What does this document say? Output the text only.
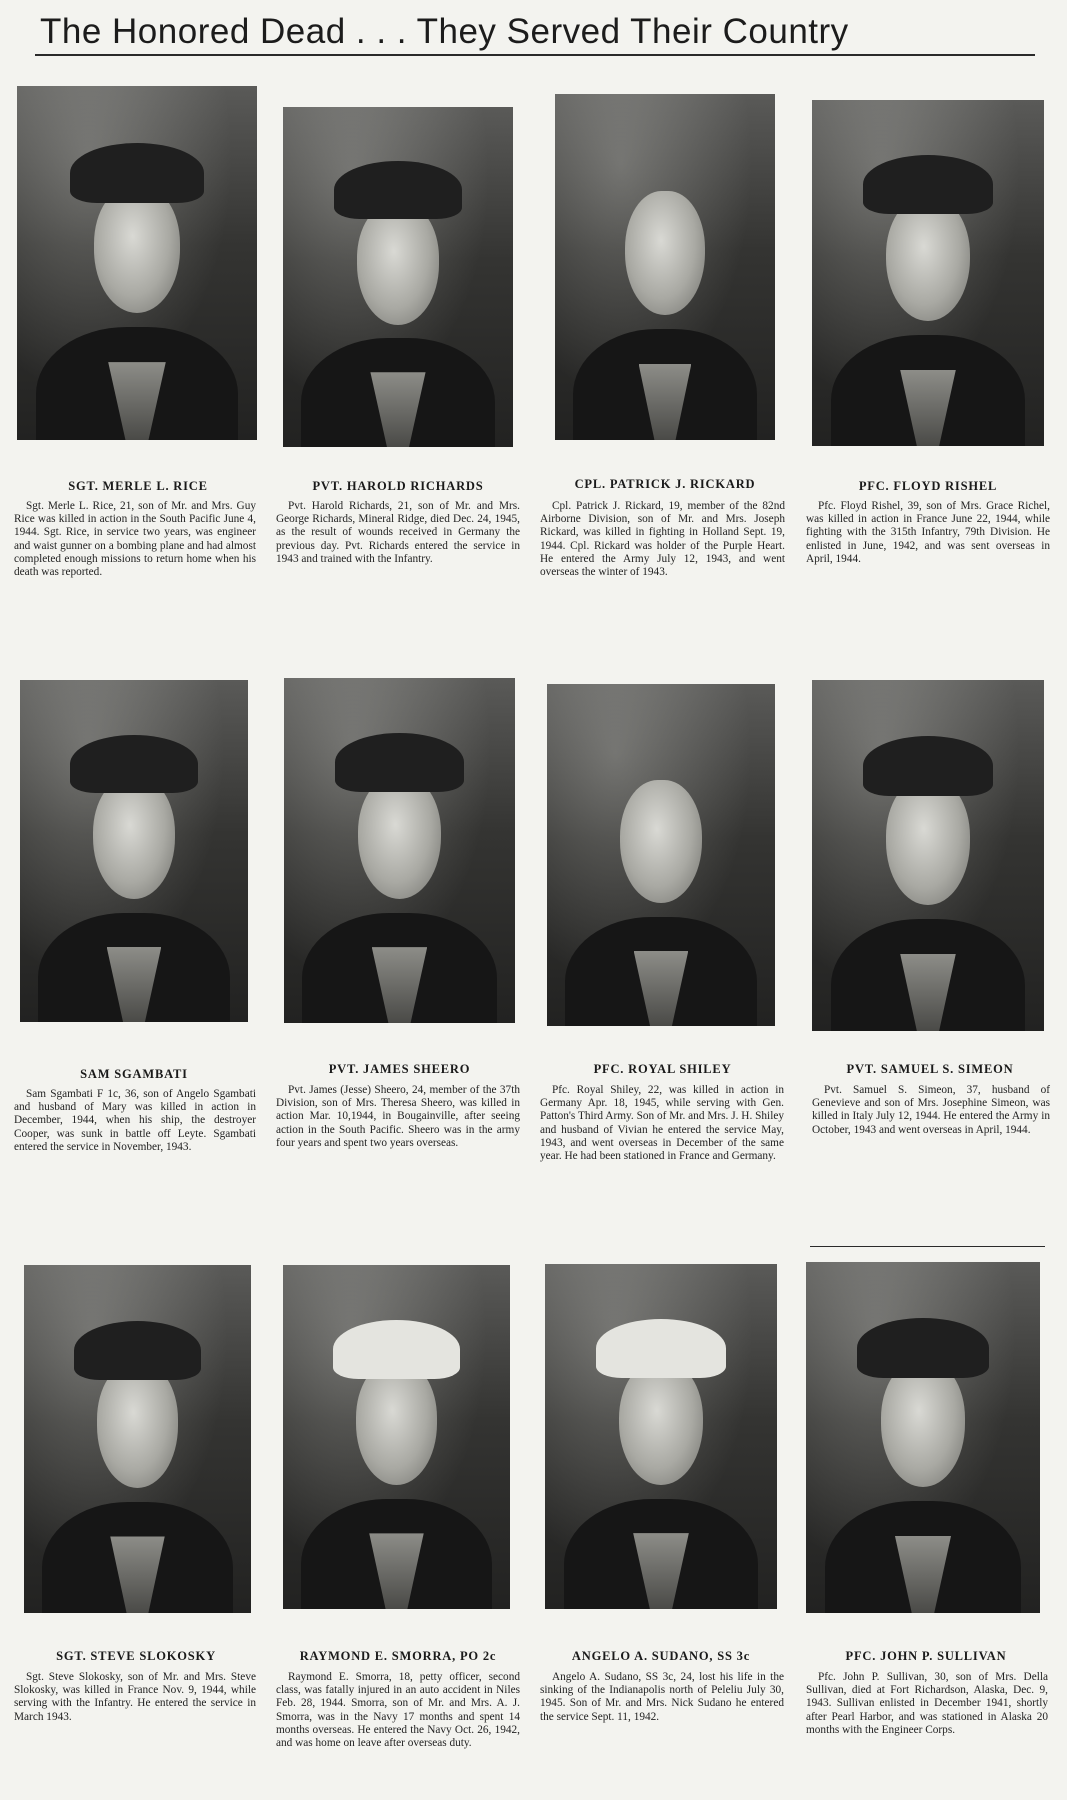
The Honored Dead . . . They Served Their Country
SGT. MERLE L. RICE	PVT. HAROLD RICHARDS	CPL. PATRICK J. RICKARD	PFC. FLOYD RISHEL
Sgt. Merle L. Rice, 21, son of Mr. and Mrs. Guy Rice was killed in action in the South Pacific June 4, 1944. Sgt. Rice, in service two years, was engineer and waist gunner on a bombing plane and had almost completed enough missions to return home when his death was reported.
Pvt. Harold Richards, 21, son of Mr. and Mrs. George Richards, Mineral Ridge, died Dec. 24, 1945, as the result of wounds received in Germany the previous day. Pvt. Richards entered the service in 1943 and trained with the Infantry.
Cpl. Patrick J. Rickard, 19, member of the 82nd Airborne Division, son of Mr. and Mrs. Joseph Rickard, was killed in fighting in Holland Sept. 19, 1944. Cpl. Rickard was holder of the Purple Heart. He entered the Army July 12, 1943, and went overseas the winter of 1943.
Pfc. Floyd Rishel, 39, son of Mrs. Grace Richel, was killed in action in France June 22, 1944, while fighting with the 315th Infantry, 79th Division. He enlisted in June, 1942, and was sent overseas in April, 1944.
SAM SGAMBATI	PVT. JAMES SHEERO	PFC. ROYAL SHILEY	PVT. SAMUEL S. SIMEON
Sam Sgambati F 1c, 36, son of Angelo Sgambati and husband of Mary was killed in action in December, 1944, when his ship, the destroyer Cooper, was sunk in battle off Leyte. Sgambati entered the service in November, 1943.
Pvt. James (Jesse) Sheero, 24, member of the 37th Division, son of Mrs. Theresa Sheero, was killed in action Mar. 10,1944, in Bougainville, after seeing action in the South Pacific. Sheero was in the army four years and spent two years overseas.
Pfc. Royal Shiley, 22, was killed in action in Germany Apr. 18, 1945, while serving with Gen. Patton's Third Army. Son of Mr. and Mrs. J. H. Shiley and husband of Vivian he entered the service May, 1943, and went overseas in December of the same year. He had been stationed in France and Germany.
Pvt. Samuel S. Simeon, 37, husband of Genevieve and son of Mrs. Josephine Simeon, was killed in Italy July 12, 1944. He entered the Army in October, 1943 and went overseas in April, 1944.
SGT. STEVE SLOKOSKY	RAYMOND E. SMORRA, PO 2c	ANGELO A. SUDANO, SS 3c	PFC. JOHN P. SULLIVAN
Sgt. Steve Slokosky, son of Mr. and Mrs. Steve Slokosky, was killed in France Nov. 9, 1944, while serving with the Infantry. He entered the service in March 1943.
Raymond E. Smorra, 18, petty officer, second class, was fatally injured in an auto accident in Niles Feb. 28, 1944. Smorra, son of Mr. and Mrs. A. J. Smorra, was in the Navy 17 months and spent 14 months overseas. He entered the Navy Oct. 26, 1942, and was home on leave after overseas duty.
Angelo A. Sudano, SS 3c, 24, lost his life in the sinking of the Indianapolis north of Peleliu July 30, 1945. Son of Mr. and Mrs. Nick Sudano he entered the service Sept. 11, 1942.
Pfc. John P. Sullivan, 30, son of Mrs. Della Sullivan, died at Fort Richardson, Alaska, Dec. 9, 1943. Sullivan enlisted in December 1941, shortly after Pearl Harbor, and was stationed in Alaska 20 months with the Engineer Corps.
